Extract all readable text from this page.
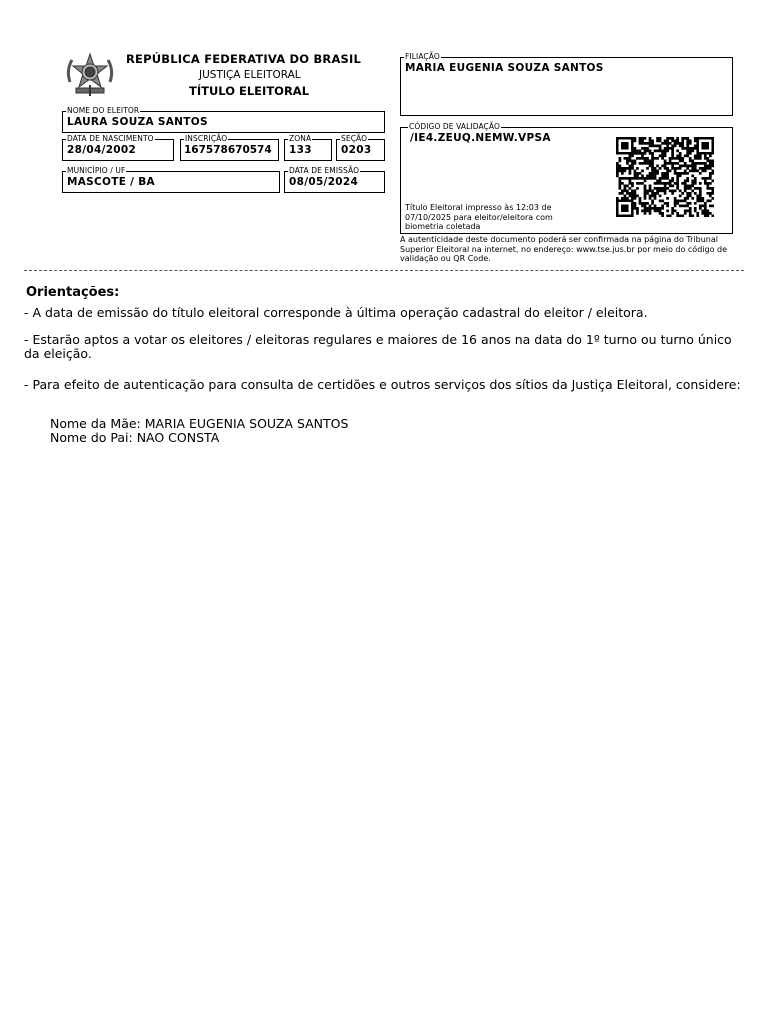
REPÚBLICA FEDERATIVA DO BRASIL
JUSTIÇA ELEITORAL
TÍTULO ELEITORAL
NOME DO ELEITOR
LAURA SOUZA SANTOS
DATA DE NASCIMENTO
28/04/2002
INSCRIÇÃO
167578670574
ZONA
133
SEÇÃO
0203
MUNICÍPIO / UF
MASCOTE / BA
DATA DE EMISSÃO
08/05/2024
FILIAÇÃO
MARIA EUGENIA SOUZA SANTOS
CÓDIGO DE VALIDAÇÃO
/IE4.ZEUQ.NEMW.VPSA
Título Eleitoral impresso às 12:03 de 07/10/2025 para eleitor/eleitora com biometria coletada
A autenticidade deste documento poderá ser confirmada na página do Tribunal Superior Eleitoral na internet, no endereço: www.tse.jus.br por meio do código de validação ou QR Code.
Orientações:
- A data de emissão do título eleitoral corresponde à última operação cadastral do eleitor / eleitora.
- Estarão aptos a votar os eleitores / eleitoras regulares e maiores de 16 anos na data do 1º turno ou turno único da eleição.
- Para efeito de autenticação para consulta de certidões e outros serviços dos sítios da Justiça Eleitoral, considere:
Nome da Mãe: MARIA EUGENIA SOUZA SANTOS
Nome do Pai: NAO CONSTA
